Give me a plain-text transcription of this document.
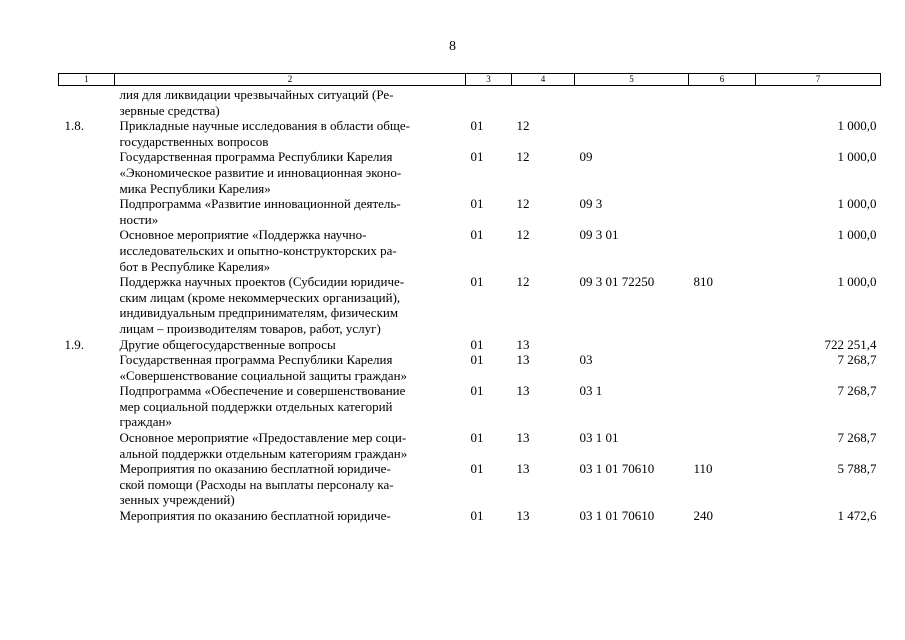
8
1	2	3	4	5	6	7
	лия для ликвидации чрезвычайных ситуаций (Ре-
зервные средства)					
1.8.	Прикладные научные исследования в области обще-
государственных вопросов	01	12			1 000,0
	Государственная программа Республики Карелия
«Экономическое развитие и инновационная эконо-
мика Республики Карелия»	01	12	09		1 000,0
	Подпрограмма «Развитие инновационной деятель-
ности»	01	12	09 3		1 000,0
	Основное мероприятие «Поддержка научно-
исследовательских и опытно-конструкторских ра-
бот в Республике Карелия»	01	12	09 3 01		1 000,0
	Поддержка научных проектов (Субсидии юридиче-
ским лицам (кроме некоммерческих организаций),
индивидуальным предпринимателям, физическим
лицам – производителям товаров, работ, услуг)	01	12	09 3 01 72250	810	1 000,0
1.9.	Другие общегосударственные вопросы	01	13			722 251,4
	Государственная программа Республики Карелия
«Совершенствование социальной защиты граждан»	01	13	03		7 268,7
	Подпрограмма «Обеспечение и совершенствование
мер социальной поддержки отдельных категорий
граждан»	01	13	03 1		7 268,7
	Основное мероприятие «Предоставление мер соци-
альной поддержки отдельным категориям граждан»	01	13	03 1 01		7 268,7
	Мероприятия по оказанию бесплатной юридиче-
ской помощи (Расходы на выплаты персоналу ка-
зенных учреждений)	01	13	03 1 01 70610	110	5 788,7
	Мероприятия по оказанию бесплатной юридиче-	01	13	03 1 01 70610	240	1 472,6
